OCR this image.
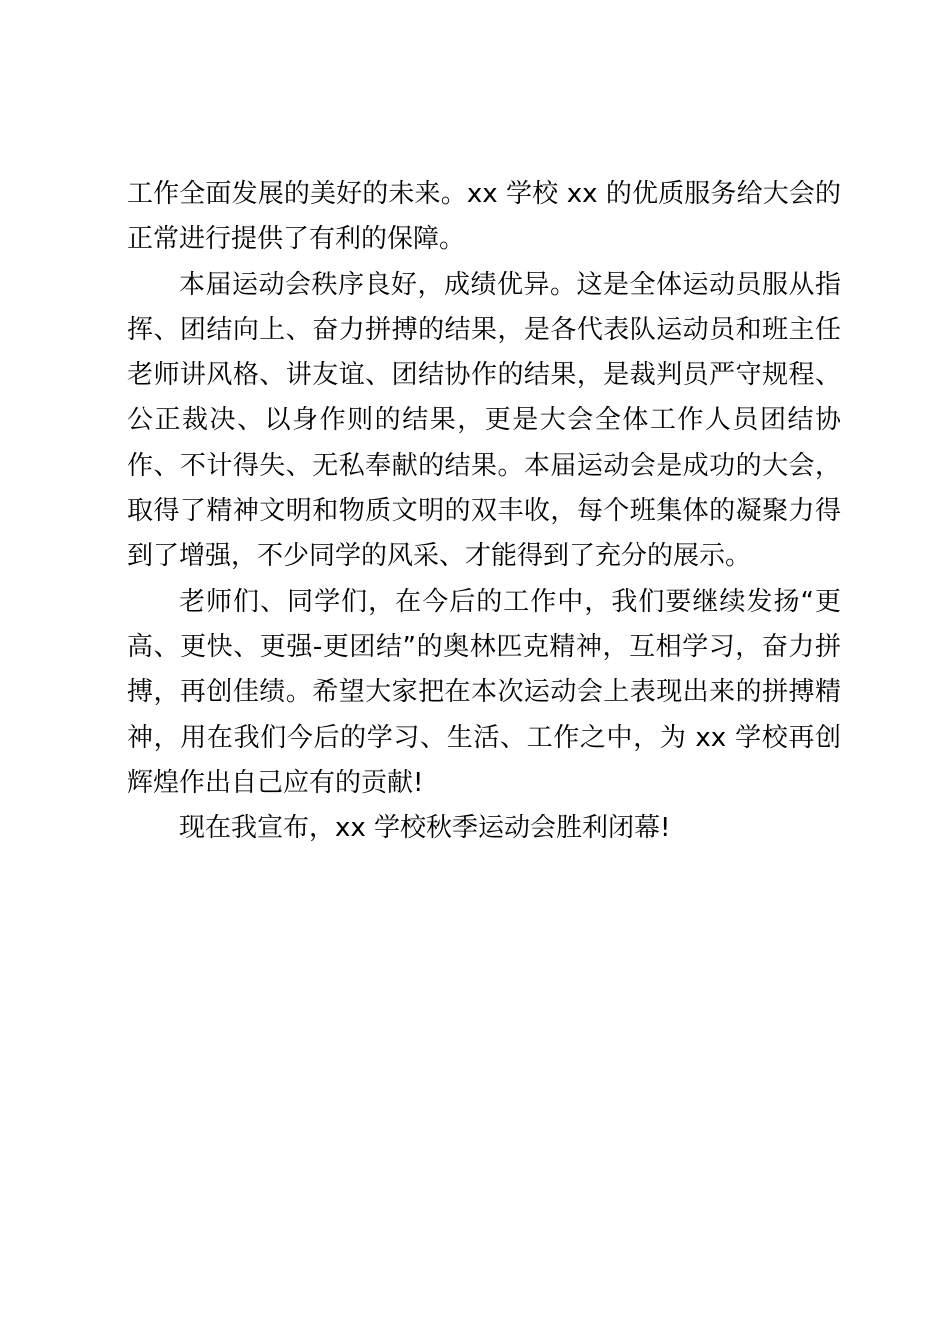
工作全面发展的美好的未来。xx 学校 xx 的优质服务给大会的正常进行提供了有利的保障。

本届运动会秩序良好，成绩优异。这是全体运动员服从指挥、团结向上、奋力拼搏的结果，是各代表队运动员和班主任老师讲风格、讲友谊、团结协作的结果，是裁判员严守规程、公正裁决、以身作则的结果，更是大会全体工作人员团结协作、不计得失、无私奉献的结果。本届运动会是成功的大会，取得了精神文明和物质文明的双丰收，每个班集体的凝聚力得到了增强，不少同学的风采、才能得到了充分的展示。

老师们、同学们，在今后的工作中，我们要继续发扬“更高、更快、更强-更团结”的奥林匹克精神，互相学习，奋力拼搏，再创佳绩。希望大家把在本次运动会上表现出来的拼搏精神，用在我们今后的学习、生活、工作之中，为 xx 学校再创辉煌作出自己应有的贡献!

现在我宣布，xx 学校秋季运动会胜利闭幕!
